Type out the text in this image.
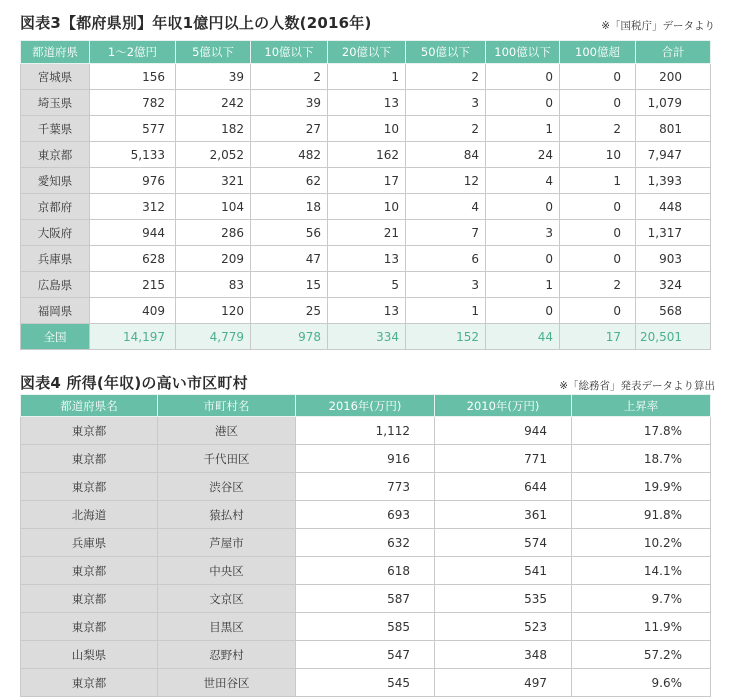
図表3【都府県別】年収1億円以上の人数(2016年)	※「国税庁」データより
都道府県	1～2億円	5億以下	10億以下	20億以下	50億以下	100億以下	100億超	合計
宮城県	156	39	2	1	2	0	0	200
埼玉県	782	242	39	13	3	0	0	1,079
千葉県	577	182	27	10	2	1	2	801
東京都	5,133	2,052	482	162	84	24	10	7,947
愛知県	976	321	62	17	12	4	1	1,393
京都府	312	104	18	10	4	0	0	448
大阪府	944	286	56	21	7	3	0	1,317
兵庫県	628	209	47	13	6	0	0	903
広島県	215	83	15	5	3	1	2	324
福岡県	409	120	25	13	1	0	0	568
全国	14,197	4,779	978	334	152	44	17	20,501
図表4 所得(年収)の高い市区町村	※「総務省」発表データより算出
都道府県名	市町村名	2016年(万円)	2010年(万円)	上昇率
東京都	港区	1,112	944	17.8%
東京都	千代田区	916	771	18.7%
東京都	渋谷区	773	644	19.9%
北海道	猿払村	693	361	91.8%
兵庫県	芦屋市	632	574	10.2%
東京都	中央区	618	541	14.1%
東京都	文京区	587	535	9.7%
東京都	目黒区	585	523	11.9%
山梨県	忍野村	547	348	57.2%
東京都	世田谷区	545	497	9.6%
